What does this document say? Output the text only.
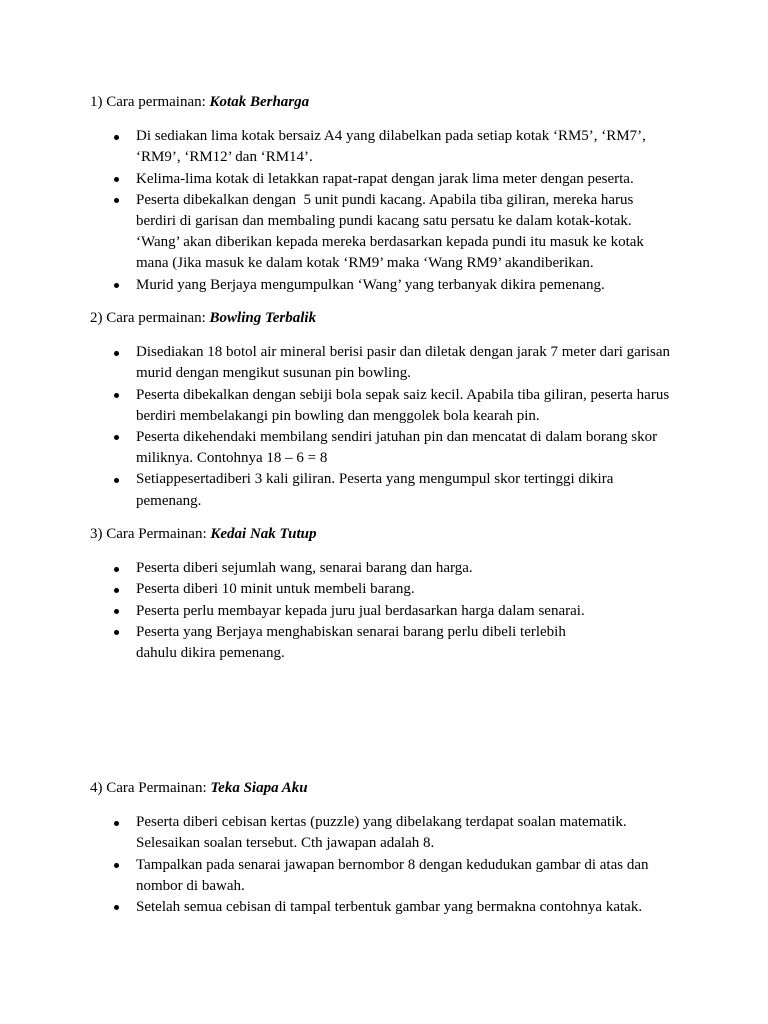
1) Cara permainan: Kotak Berharga
Di sediakan lima kotak bersaiz A4 yang dilabelkan pada setiap kotak ‘RM5’, ‘RM7’,
‘RM9’, ‘RM12’ dan ‘RM14’.
Kelima-lima kotak di letakkan rapat-rapat dengan jarak lima meter dengan peserta.
Peserta dibekalkan dengan  5 unit pundi kacang. Apabila tiba giliran, mereka harus
berdiri di garisan dan membaling pundi kacang satu persatu ke dalam kotak-kotak.
‘Wang’ akan diberikan kepada mereka berdasarkan kepada pundi itu masuk ke kotak
mana (Jika masuk ke dalam kotak ‘RM9’ maka ‘Wang RM9’ akandiberikan.
Murid yang Berjaya mengumpulkan ‘Wang’ yang terbanyak dikira pemenang.
2) Cara permainan: Bowling Terbalik
Disediakan 18 botol air mineral berisi pasir dan diletak dengan jarak 7 meter dari garisan
murid dengan mengikut susunan pin bowling.
Peserta dibekalkan dengan sebiji bola sepak saiz kecil. Apabila tiba giliran, peserta harus
berdiri membelakangi pin bowling dan menggolek bola kearah pin.
Peserta dikehendaki membilang sendiri jatuhan pin dan mencatat di dalam borang skor
miliknya. Contohnya 18 – 6 = 8
Setiappesertadiberi 3 kali giliran. Peserta yang mengumpul skor tertinggi dikira
pemenang.
3) Cara Permainan: Kedai Nak Tutup
Peserta diberi sejumlah wang, senarai barang dan harga.
Peserta diberi 10 minit untuk membeli barang.
Peserta perlu membayar kepada juru jual berdasarkan harga dalam senarai.
Peserta yang Berjaya menghabiskan senarai barang perlu dibeli terlebih
dahulu dikira pemenang.
4) Cara Permainan: Teka Siapa Aku
Peserta diberi cebisan kertas (puzzle) yang dibelakang terdapat soalan matematik.
Selesaikan soalan tersebut. Cth jawapan adalah 8.
Tampalkan pada senarai jawapan bernombor 8 dengan kedudukan gambar di atas dan
nombor di bawah.
Setelah semua cebisan di tampal terbentuk gambar yang bermakna contohnya katak.
